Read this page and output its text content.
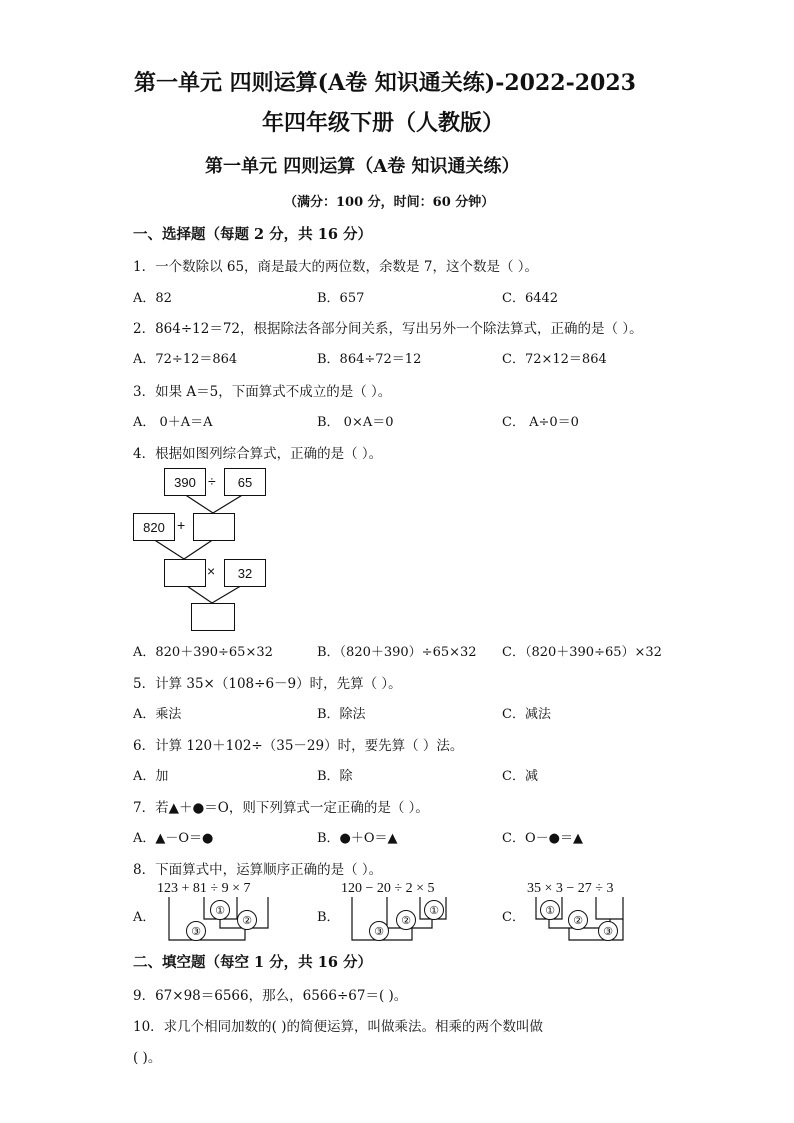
第一单元 四则运算(A卷 知识通关练)-2022-2023
年四年级下册（人教版）
第一单元 四则运算（A卷 知识通关练）
（满分：100 分，时间：60 分钟）
一、选择题（每题 2 分，共 16 分）
1．一个数除以 65，商是最大的两位数，余数是 7，这个数是（ ）。
A．82	B．657	C．6442
2．864÷12＝72，根据除法各部分间关系，写出另外一个除法算式，正确的是（ ）。
A．72÷12＝864	B．864÷72＝12	C．72×12＝864
3．如果 A＝5，下面算式不成立的是（ ）。
A． 0＋A＝A	B． 0×A＝0	C． A÷0＝0
4．根据如图列综合算式，正确的是（ ）。
390 ÷	65
820 +
×	32
A．820＋390÷65×32	B．（820＋390）÷65×32 C．（820＋390÷65）×32
5．计算 35×（108÷6－9）时，先算（ ）。
A．乘法	B．除法	C．减法
6．计算 120＋102÷（35－29）时，要先算（ ）法。
A．加	B．除	C．减
7．若▲＋●＝O，则下列算式一定正确的是（ ）。
A．▲－O＝●	B．●＋O＝▲	C．O－●＝▲
8．下面算式中，运算顺序正确的是（ ）。
A．
123 + 81 ÷ 9 × 7
B．
120 − 20 ÷ 2 × 5
C．
35 × 3 − 27 ÷ 3
①
②
③
①
②
③
①
②
③
二、填空题（每空 1 分，共 16 分）
9．67×98＝6566，那么，6566÷67＝( )。
10．求几个相同加数的( )的简便运算，叫做乘法。相乘的两个数叫做
( )。
